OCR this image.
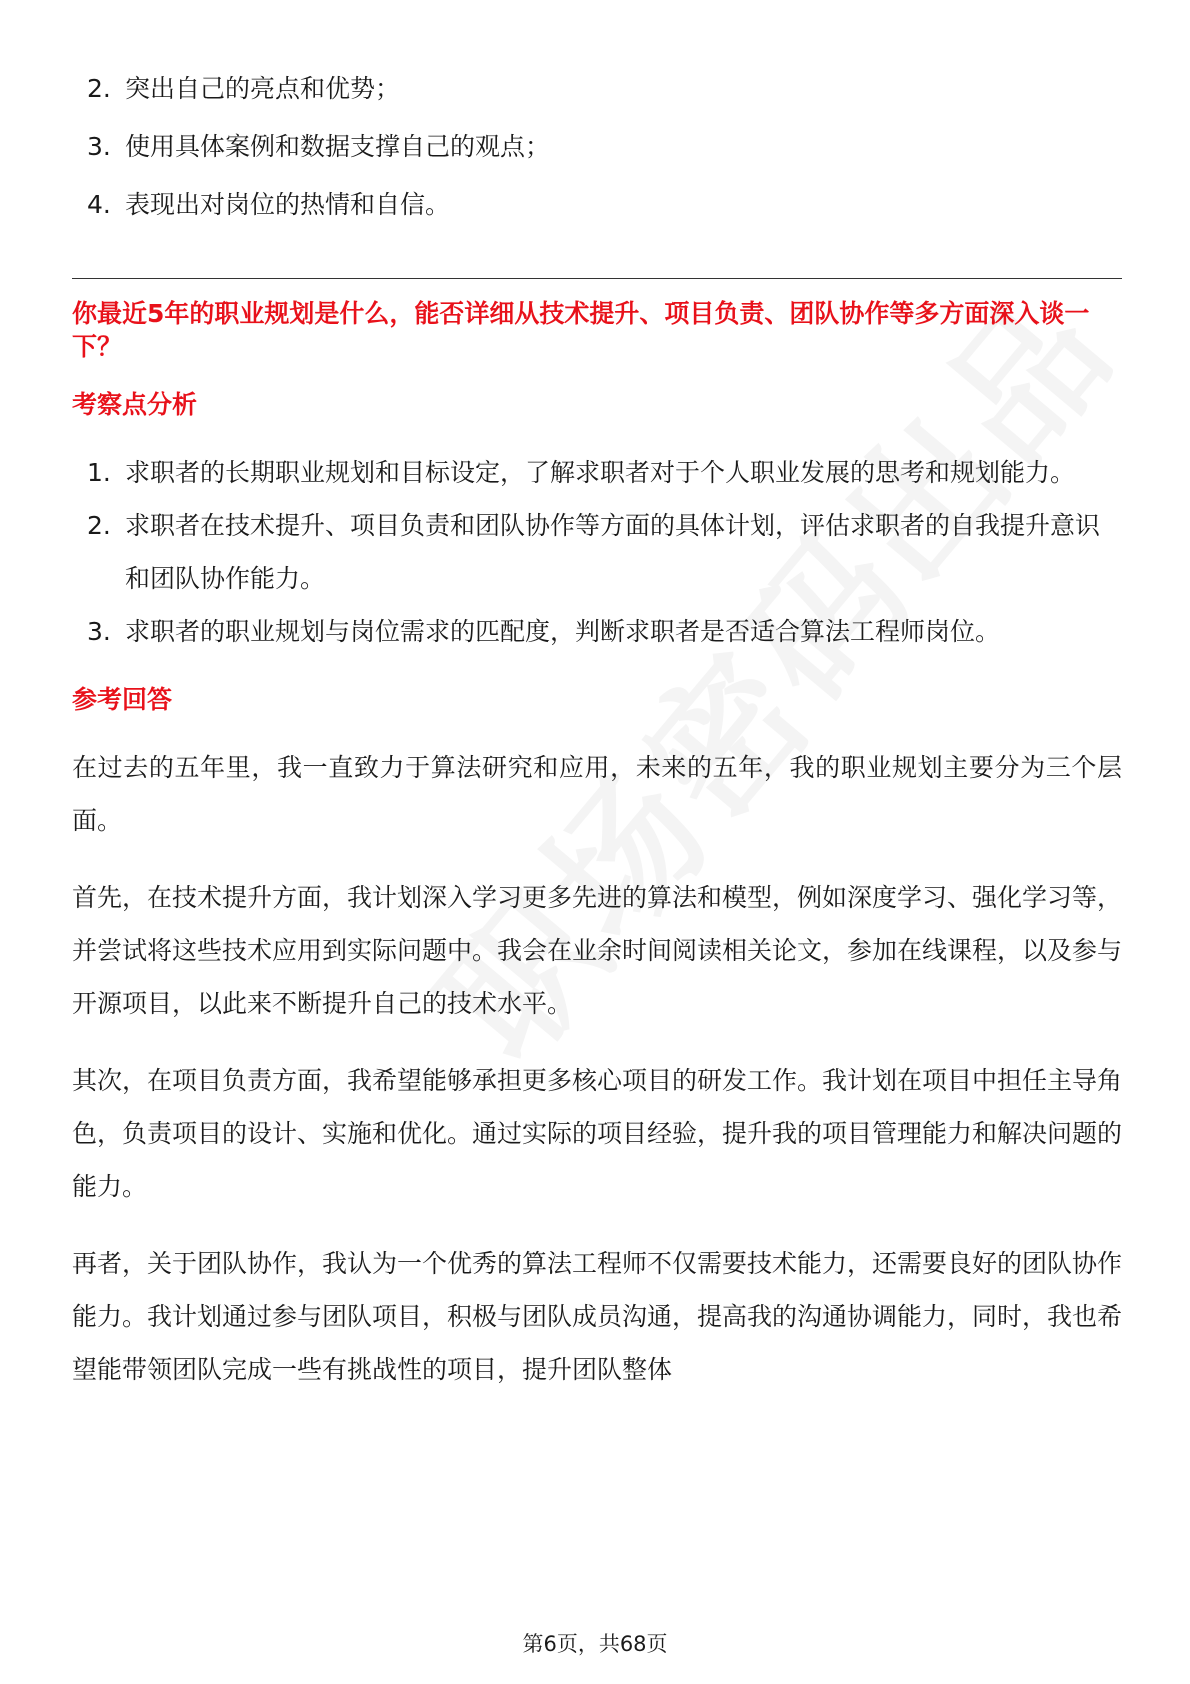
2. 突出自己的亮点和优势；
3. 使用具体案例和数据支撑自己的观点；
4. 表现出对岗位的热情和自信。
你最近5年的职业规划是什么，能否详细从技术提升、项目负责、团队协作等多方面深入谈一下？
考察点分析
1. 求职者的长期职业规划和目标设定，了解求职者对于个人职业发展的思考和规划能力。
2. 求职者在技术提升、项目负责和团队协作等方面的具体计划，评估求职者的自我提升意识和团队协作能力。
3. 求职者的职业规划与岗位需求的匹配度，判断求职者是否适合算法工程师岗位。
参考回答

在过去的五年里，我一直致力于算法研究和应用，未来的五年，我的职业规划主要分为三个层面。

首先，在技术提升方面，我计划深入学习更多先进的算法和模型，例如深度学习、强化学习等，并尝试将这些技术应用到实际问题中。我会在业余时间阅读相关论文，参加在线课程，以及参与开源项目，以此来不断提升自己的技术水平。

其次，在项目负责方面，我希望能够承担更多核心项目的研发工作。我计划在项目中担任主导角色，负责项目的设计、实施和优化。通过实际的项目经验，提升我的项目管理能力和解决问题的能力。

再者，关于团队协作，我认为一个优秀的算法工程师不仅需要技术能力，还需要良好的团队协作能力。我计划通过参与团队项目，积极与团队成员沟通，提高我的沟通协调能力，同时，我也希望能带领团队完成一些有挑战性的项目，提升团队整体

第6页，共68页
